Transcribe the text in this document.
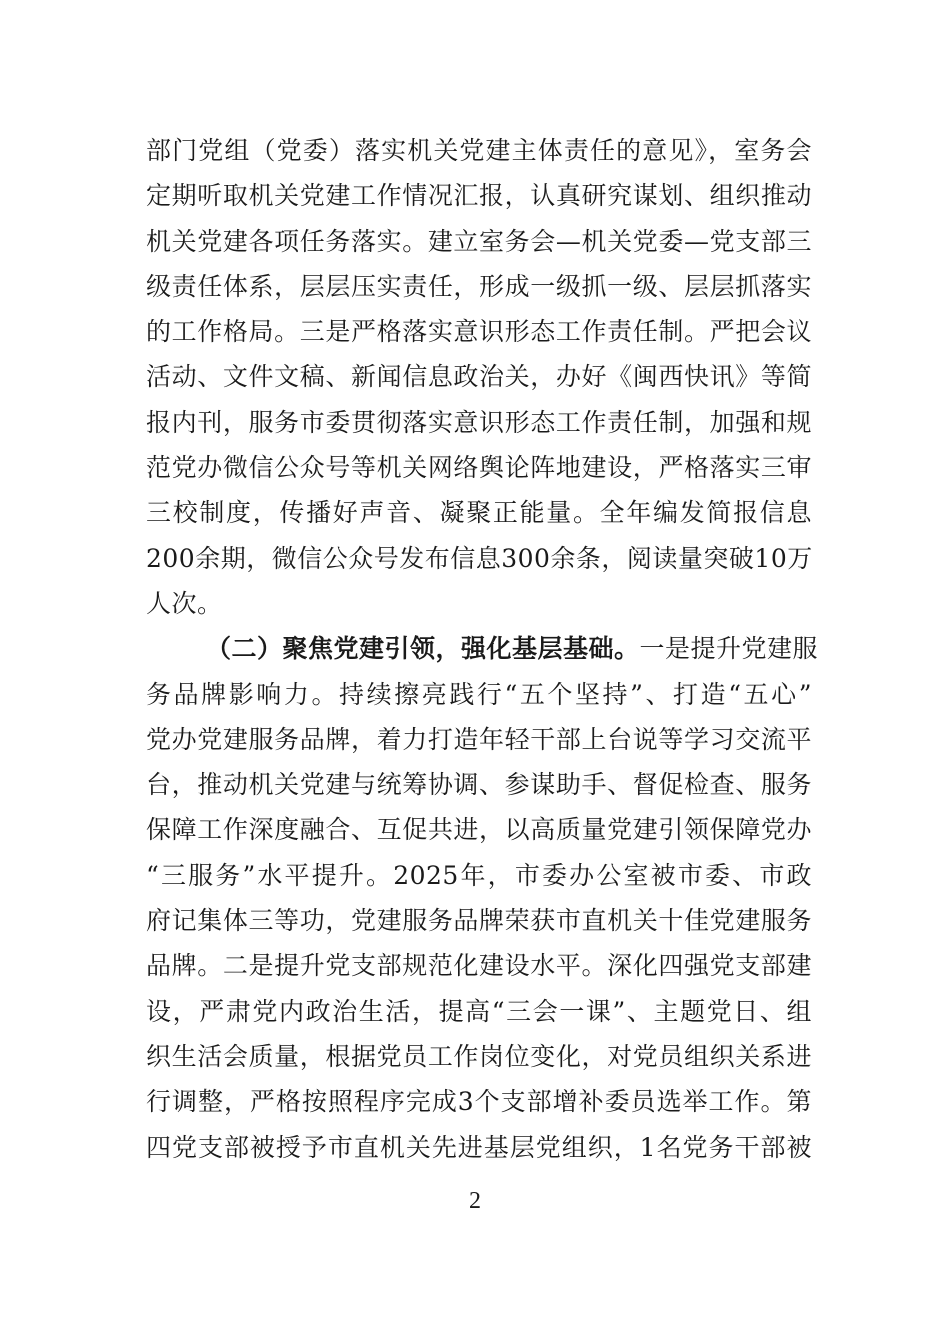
部门党组（党委）落实机关党建主体责任的意见》，室务会
定期听取机关党建工作情况汇报，认真研究谋划、组织推动
机关党建各项任务落实。建立室务会—机关党委—党支部三
级责任体系，层层压实责任，形成一级抓一级、层层抓落实
的工作格局。三是严格落实意识形态工作责任制。严把会议
活动、文件文稿、新闻信息政治关，办好《闽西快讯》等简
报内刊，服务市委贯彻落实意识形态工作责任制，加强和规
范党办微信公众号等机关网络舆论阵地建设，严格落实三审
三校制度，传播好声音、凝聚正能量。全年编发简报信息
200余期，微信公众号发布信息300余条，阅读量突破10万
人次。
（二）聚焦党建引领，强化基层基础。一是提升党建服
务品牌影响力。持续擦亮践行“五个坚持”、打造“五心”
党办党建服务品牌，着力打造年轻干部上台说等学习交流平
台，推动机关党建与统筹协调、参谋助手、督促检查、服务
保障工作深度融合、互促共进，以高质量党建引领保障党办
“三服务”水平提升。2025年，市委办公室被市委、市政
府记集体三等功，党建服务品牌荣获市直机关十佳党建服务
品牌。二是提升党支部规范化建设水平。深化四强党支部建
设，严肃党内政治生活，提高“三会一课”、主题党日、组
织生活会质量，根据党员工作岗位变化，对党员组织关系进
行调整，严格按照程序完成3个支部增补委员选举工作。第
四党支部被授予市直机关先进基层党组织，1名党务干部被
2
